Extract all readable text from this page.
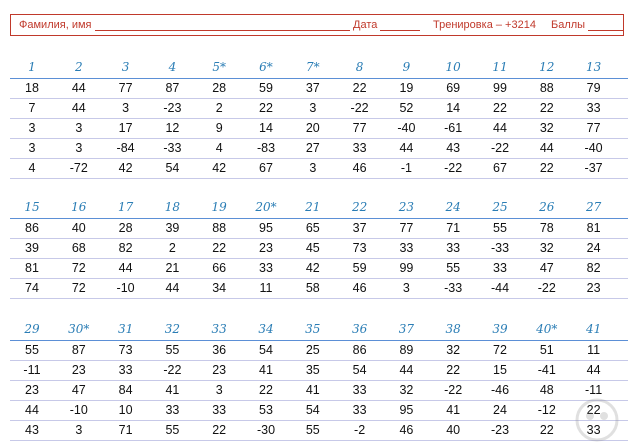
Фамилия, имя	Дата	Тренировка – +3214 Баллы
1	2	3	4	5*	6*	7*	8	9	10	11	12	13
18	44	77	87	28	59	37	22	19	69	99	88	79
7	44	3	-23	2	22	3	-22	52	14	22	22	33
3	3	17	12	9	14	20	77	-40	-61	44	32	77
3	3	-84	-33	4	-83	27	33	44	43	-22	44	-40
4	-72	42	54	42	67	3	46	-1	-22	67	22	-37
15	16	17	18	19	20*	21	22	23	24	25	26	27
86	40	28	39	88	95	65	37	77	71	55	78	81
39	68	82	2	22	23	45	73	33	33	-33	32	24
81	72	44	21	66	33	42	59	99	55	33	47	82
74	72	-10	44	34	11	58	46	3	-33	-44	-22	23
29	30*	31	32	33	34	35	36	37	38	39	40*	41
55	87	73	55	36	54	25	86	89	32	72	51	11
-11	23	33	-22	23	41	35	54	44	22	15	-41	44
23	47	84	41	3	22	41	33	32	-22	-46	48	-11
44	-10	10	33	33	53	54	33	95	41	24	-12	22
43	3	71	55	22	-30	55	-2	46	40	-23	22	33
